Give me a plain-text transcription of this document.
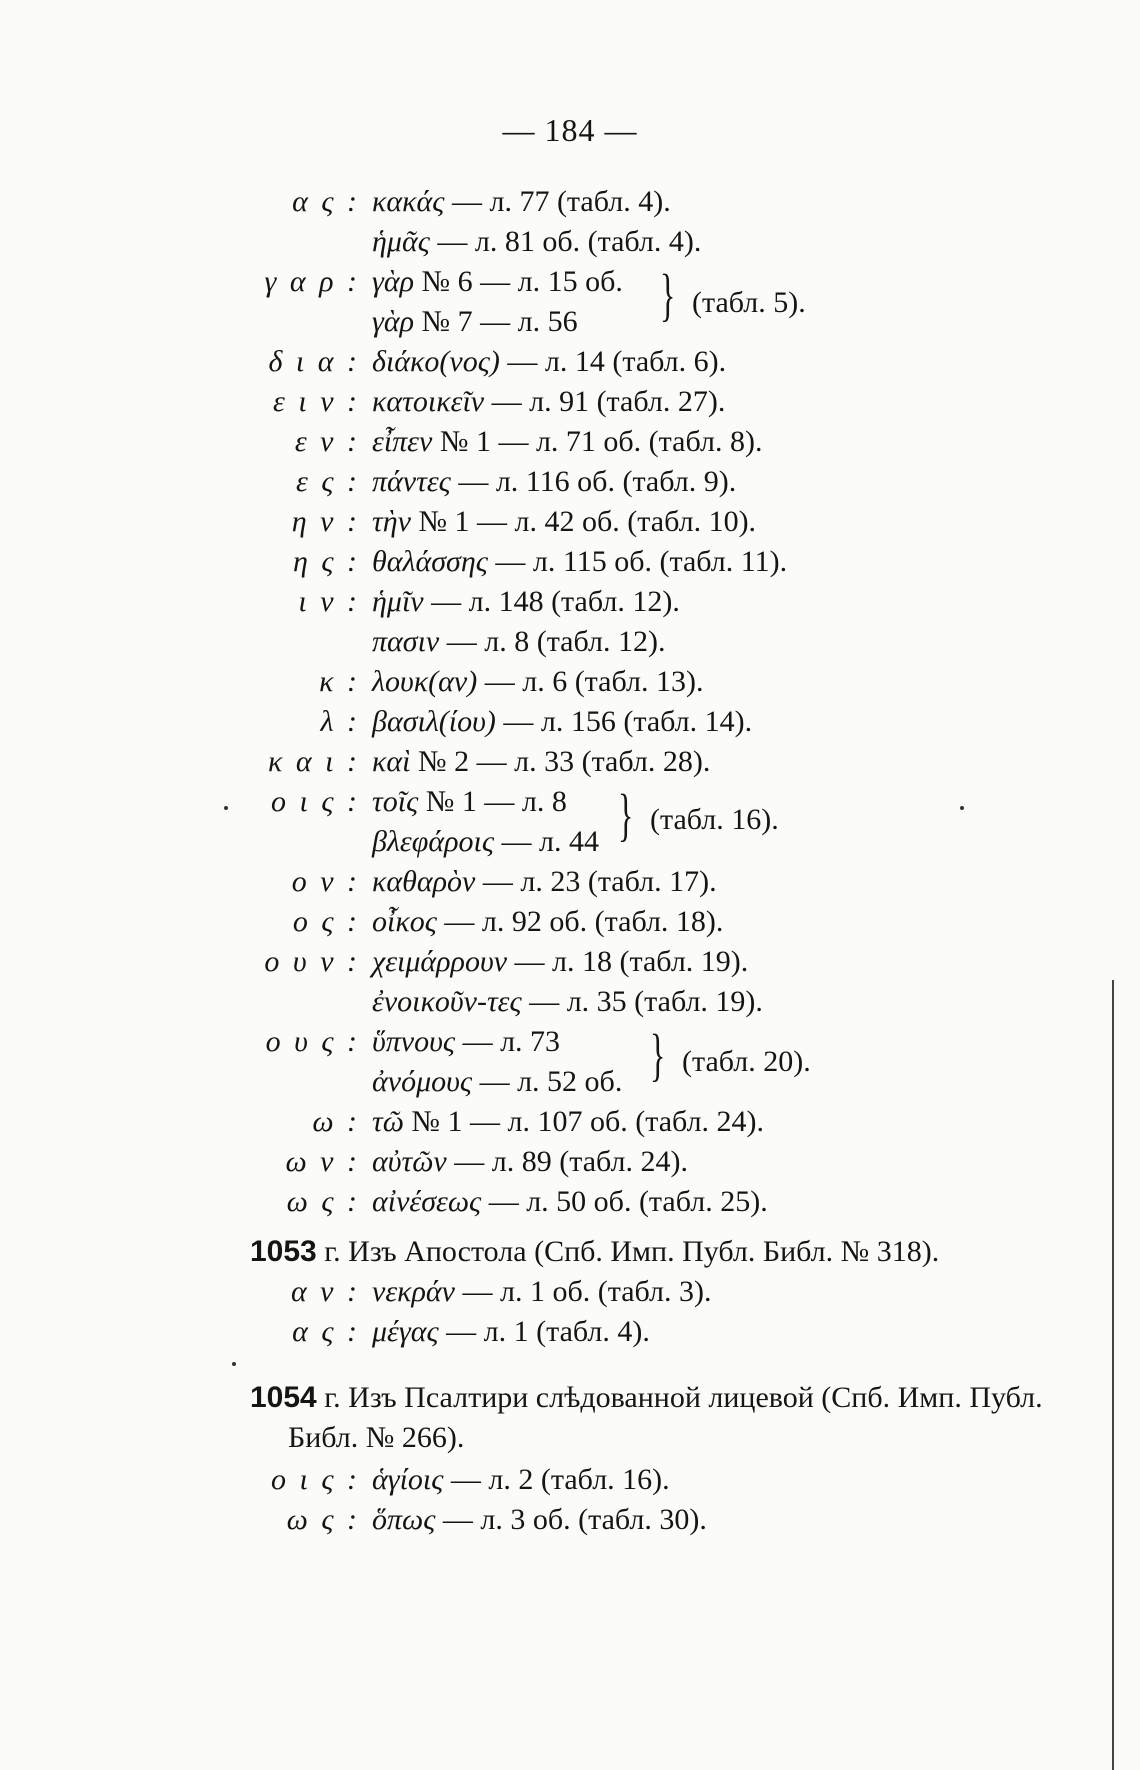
— 184 —
α ς : κακάς — л. 77 (табл. 4).
ἡμᾶς — л. 81 об. (табл. 4).
γ α ρ : γὰρ № 6 — л. 15 об.
γὰρ № 7 — л. 56 } (табл. 5).
δ ι α : διάκο(νος) — л. 14 (табл. 6).
ε ι ν : κατοικεῖν — л. 91 (табл. 27).
ε ν : εἶπεν № 1 — л. 71 об. (табл. 8).
ε ς : πάντες — л. 116 об. (табл. 9).
η ν : τὴν № 1 — л. 42 об. (табл. 10).
η ς : θαλάσσης — л. 115 об. (табл. 11).
ι ν : ἡμῖν — л. 148 (табл. 12).
πασιν — л. 8 (табл. 12).
κ : λουκ(αν) — л. 6 (табл. 13).
λ : βασιλ(ίου) — л. 156 (табл. 14).
κ α ι : καὶ № 2 — л. 33 (табл. 28).
ο ι ς : τοῖς № 1 — л. 8
βλεφάροις — л. 44 } (табл. 16).
ο ν : καθαρὸν — л. 23 (табл. 17).
ο ς : οἶκος — л. 92 об. (табл. 18).
ο υ ν : χειμάρρουν — л. 18 (табл. 19).
ἐνοικοῦν-τες — л. 35 (табл. 19).
ο υ ς : ὕπνους — л. 73
ἀνόμους — л. 52 об. } (табл. 20).
ω : τῶ № 1 — л. 107 об. (табл. 24).
ω ν : αὐτῶν — л. 89 (табл. 24).
ω ς : αἰνέσεως — л. 50 об. (табл. 25).
1053 г. Изъ Апостола (Спб. Имп. Публ. Библ. № 318).
α ν : νεκράν — л. 1 об. (табл. 3).
α ς : μέγας — л. 1 (табл. 4).
1054 г. Изъ Псалтири слѣдованной лицевой (Спб. Имп. Публ.
Библ. № 266).
ο ι ς : ἁγίοις — л. 2 (табл. 16).
ω ς : ὅπως — л. 3 об. (табл. 30).
